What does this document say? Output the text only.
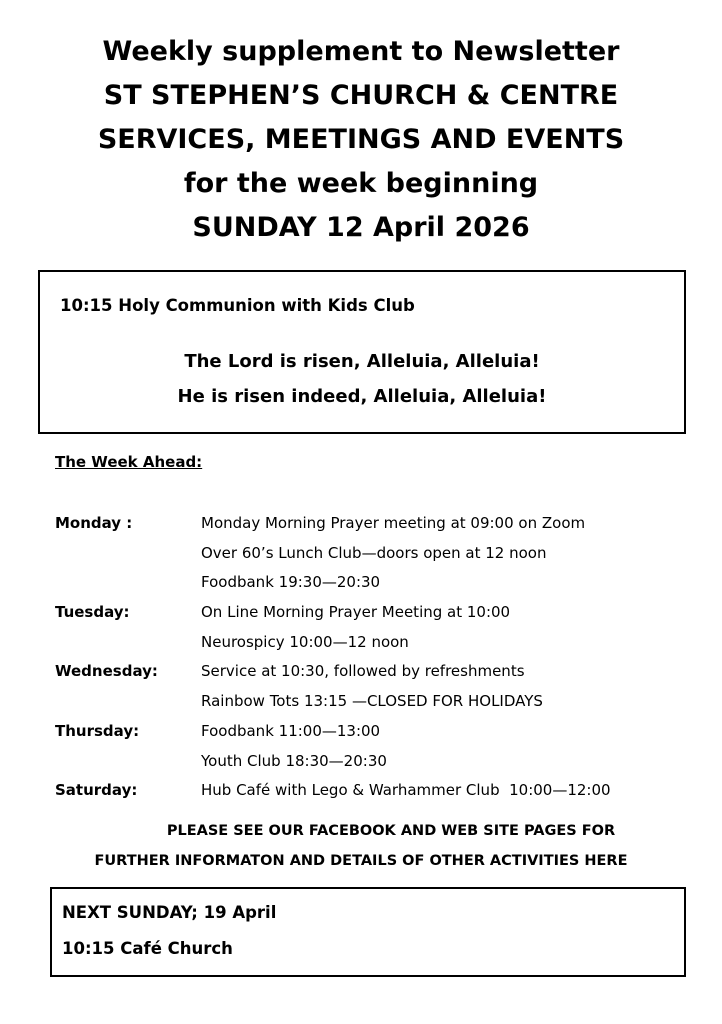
Weekly supplement to Newsletter
ST STEPHEN’S CHURCH & CENTRE
SERVICES, MEETINGS AND EVENTS
for the week beginning
SUNDAY 12 April 2026
10:15 Holy Communion with Kids Club
The Lord is risen, Alleluia, Alleluia!
He is risen indeed, Alleluia, Alleluia!
The Week Ahead:
Monday :	Monday Morning Prayer meeting at 09:00 on Zoom
Over 60’s Lunch Club—doors open at 12 noon
Foodbank 19:30—20:30
Tuesday:	On Line Morning Prayer Meeting at 10:00
Neurospicy 10:00—12 noon
Wednesday:	Service at 10:30, followed by refreshments
Rainbow Tots 13:15 —CLOSED FOR HOLIDAYS
Thursday:	Foodbank 11:00—13:00
Youth Club 18:30—20:30
Saturday:	Hub Café with Lego & Warhammer Club  10:00—12:00
PLEASE SEE OUR FACEBOOK AND WEB SITE PAGES FOR
FURTHER INFORMATON AND DETAILS OF OTHER ACTIVITIES HERE
NEXT SUNDAY; 19 April
10:15 Café Church
